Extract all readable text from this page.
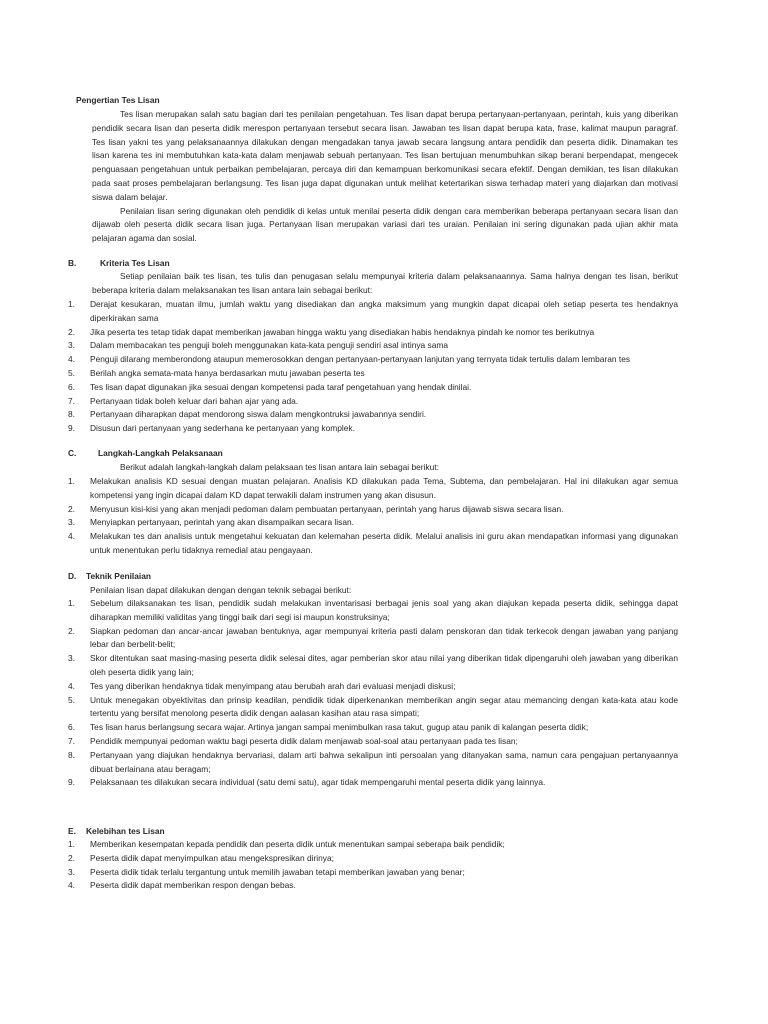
Pengertian Tes Lisan

Tes lisan merupakan salah satu bagian dari tes penilaian pengetahuan. Tes lisan dapat berupa pertanyaan-pertanyaan, perintah, kuis yang diberikan pendidik secara lisan dan peserta didik merespon pertanyaan tersebut secara lisan. Jawaban tes lisan dapat berupa kata, frase, kalimat maupun paragraf. Tes lisan yakni tes yang pelaksanaannya dilakukan dengan mengadakan tanya jawab secara langsung antara pendidik dan peserta didik. Dinamakan tes lisan karena tes ini membutuhkan kata-kata dalam menjawab sebuah pertanyaan. Tes lisan bertujuan menumbuhkan sikap berani berpendapat, mengecek penguasaan pengetahuan untuk perbaikan pembelajaran, percaya diri dan kemampuan berkomunikasi secara efektif. Dengan demikian, tes lisan dilakukan pada saat proses pembelajaran berlangsung. Tes lisan juga dapat digunakan untuk melihat ketertarikan siswa terhadap materi yang diajarkan dan motivasi siswa dalam belajar.

Penilaian lisan sering digunakan oleh pendidik di kelas untuk menilai peserta didik dengan cara memberikan beberapa pertanyaan secara lisan dan dijawab oleh peserta didik secara lisan juga. Pertanyaan lisan merupakan variasi dari tes uraian. Penilaian ini sering digunakan pada ujian akhir mata pelajaran agama dan sosial.

B.	Kriteria Tes Lisan
Setiap penilaian baik tes lisan, tes tulis dan penugasan selalu mempunyai kriteria dalam pelaksanaannya. Sama halnya dengan tes lisan, berikut beberapa kriteria dalam melaksanakan tes lisan antara lain sebagai berikut:
1. Derajat kesukaran, muatan ilmu, jumlah waktu yang disediakan dan angka maksimum yang mungkin dapat dicapai oleh setiap peserta tes hendaknya diperkirakan sama
2. Jika peserta tes tetap tidak dapat memberikan jawaban hingga waktu yang disediakan habis hendaknya pindah ke nomor tes berikutnya
3. Dalam membacakan tes penguji boleh menggunakan kata-kata penguji sendiri asal intinya sama
4. Penguji dilarang memberondong ataupun memerosokkan dengan pertanyaan-pertanyaan lanjutan yang ternyata tidak tertulis dalam lembaran tes
5. Berilah angka semata-mata hanya berdasarkan mutu jawaban peserta tes
6. Tes lisan dapat digunakan jika sesuai dengan kompetensi pada taraf pengetahuan yang hendak dinilai.
7. Pertanyaan tidak boleh keluar dari bahan ajar yang ada.
8. Pertanyaan diharapkan dapat mendorong siswa dalam mengkontruksi jawabannya sendiri.
9. Disusun dari pertanyaan yang sederhana ke pertanyaan yang komplek.
C.	Langkah-Langkah Pelaksanaan
Berikut adalah langkah-langkah dalam pelaksaan tes lisan antara lain sebagai berikut:
1. Melakukan analisis KD sesuai dengan muatan pelajaran. Analisis KD dilakukan pada Tema, Subtema, dan pembelajaran. Hal ini dilakukan agar semua kompetensi yang ingin dicapai dalam KD dapat terwakili dalam instrumen yang akan disusun.
2. Menyusun kisi-kisi yang akan menjadi pedoman dalam pembuatan pertanyaan, perintah yang harus dijawab siswa secara lisan.
3. Menyiapkan pertanyaan, perintah yang akan disampaikan secara lisan.
4. Melakukan tes dan analisis untuk mengetahui kekuatan dan kelemahan peserta didik. Melalui analisis ini guru akan mendapatkan informasi yang digunakan untuk menentukan perlu tidaknya remedial atau pengayaan.
D. Teknik Penilaian
Penilaian lisan dapat dilakukan dengan dengan teknik sebagai berikut:
1. Sebelum dilaksanakan tes lisan, pendidik sudah melakukan inventarisasi berbagai jenis soal yang akan diajukan kepada peserta didik, sehingga dapat diharapkan memiliki validitas yang tinggi baik dari segi isi maupun konstruksinya;
2. Siapkan pedoman dan ancar-ancar jawaban bentuknya, agar mempunyai kriteria pasti dalam penskoran dan tidak terkecok dengan jawaban yang panjang lebar dan berbelit-belit;
3. Skor ditentukan saat masing-masing peserta didik selesai dites, agar pemberian skor atau nilai yang diberikan tidak dipengaruhi oleh jawaban yang diberikan oleh peserta didik yang lain;
4. Tes yang diberikan hendaknya tidak menyimpang atau berubah arah dari evaluasi menjadi diskusi;
5. Untuk menegakan obyektivitas dan prinsip keadilan, pendidik tidak diperkenankan memberikan angin segar atau memancing dengan kata-kata atau kode tertentu yang bersifat menolong peserta didik dengan aalasan kasihan atau rasa simpati;
6. Tes lisan harus berlangsung secara wajar. Artinya jangan sampai menimbulkan rasa takut, gugup atau panik di kalangan peserta didik;
7. Pendidik mempunyai pedoman waktu bagi peserta didik dalam menjawab soal-soal atau pertanyaan pada tes lisan;
8. Pertanyaan yang diajukan hendaknya bervariasi, dalam arti bahwa sekalipun inti persoalan yang ditanyakan sama, namun cara pengajuan pertanyaannya dibuat berlainana atau beragam;
9. Pelaksanaan tes dilakukan secara individual (satu demi satu), agar tidak mempengaruhi mental peserta didik yang lainnya.
E. Kelebihan tes Lisan
1. Memberikan kesempatan kepada pendidik dan peserta didik untuk menentukan sampai seberapa baik pendidik;
2. Peserta didik dapat menyimpulkan atau mengekspresikan dirinya;
3. Peserta didik tidak terlalu tergantung untuk memilih jawaban tetapi memberikan jawaban yang benar;
4. Peserta didik dapat memberikan respon dengan bebas.
